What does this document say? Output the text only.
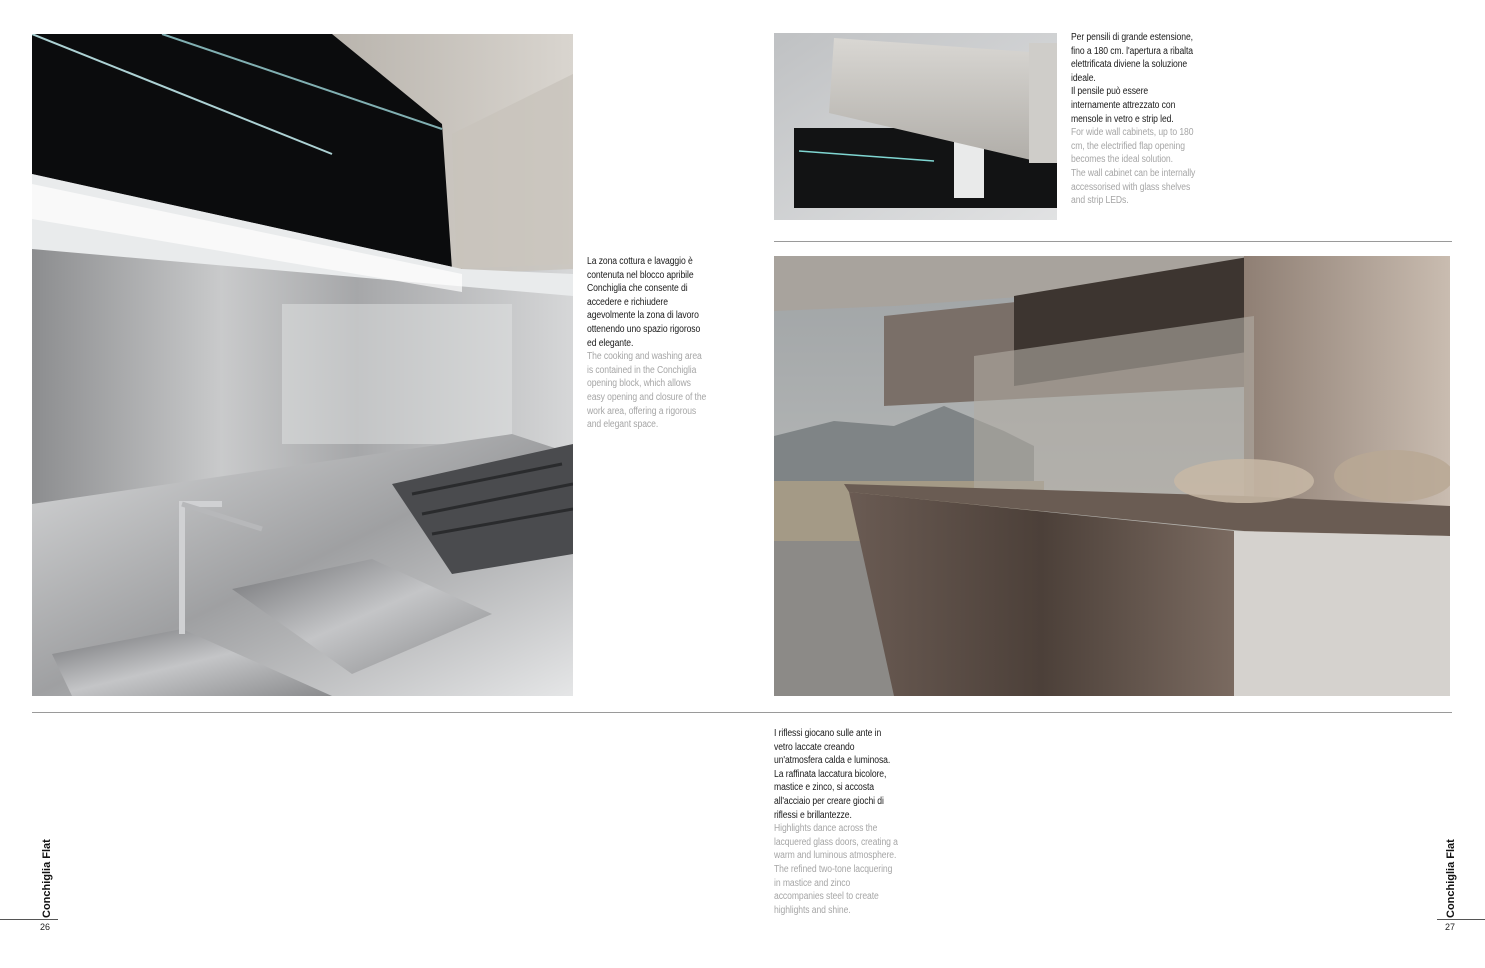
La zona cottura e lavaggio è contenuta nel blocco apribile Conchiglia che consente di accedere e richiudere agevolmente la zona di lavoro ottenendo uno spazio rigoroso ed elegante.

The cooking and washing area is contained in the Conchiglia opening block, which allows easy opening and closure of the work area, offering a rigorous and elegant space.

Per pensili di grande estensione, fino a 180 cm. l'apertura a ribalta elettrificata diviene la soluzione ideale.

Il pensile può essere internamente attrezzato con mensole in vetro e strip led.

For wide wall cabinets, up to 180 cm, the electrified flap opening becomes the ideal solution.

The wall cabinet can be internally accessorised with glass shelves and strip LEDs.

I riflessi giocano sulle ante in vetro laccate creando un'atmosfera calda e luminosa.

La raffinata laccatura bicolore, mastice e zinco, si accosta all'acciaio per creare giochi di riflessi e brillantezze.

Highlights dance across the lacquered glass doors, creating a warm and luminous atmosphere.

The refined two-tone lacquering in mastice and zinco accompanies steel to create highlights and shine.

Conchiglia Flat
26
Conchiglia Flat
27
